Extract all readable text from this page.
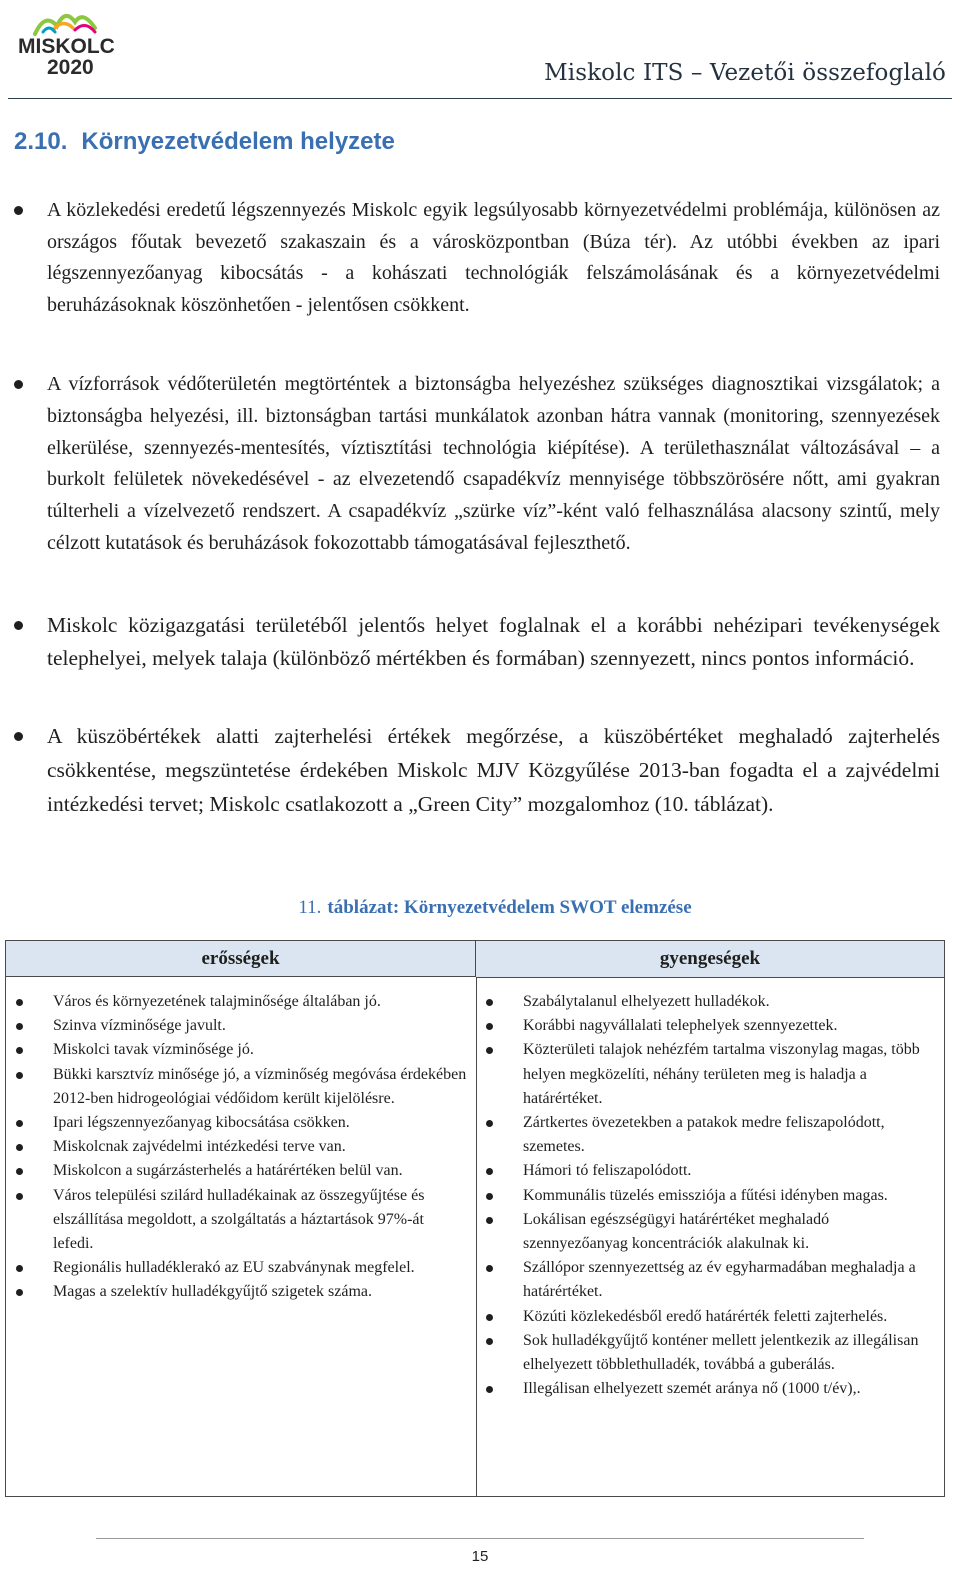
MISKOLC
2020	Miskolc ITS – Vezetői összefoglaló
2.10. Környezetvédelem helyzete
A közlekedési eredetű légszennyezés Miskolc egyik legsúlyosabb környezetvédelmi problémája, különösen az országos főutak bevezető szakaszain és a városközpontban (Búza tér). Az utóbbi években az ipari légszennyezőanyag kibocsátás - a kohászati technológiák felszámolásának és a környezetvédelmi beruházásoknak köszönhetően - jelentősen csökkent.
A vízforrások védőterületén megtörténtek a biztonságba helyezéshez szükséges diagnosztikai vizsgálatok; a biztonságba helyezési, ill. biztonságban tartási munkálatok azonban hátra vannak (monitoring, szennyezések elkerülése, szennyezés-mentesítés, víztisztítási technológia kiépítése). A területhasználat változásával – a burkolt felületek növekedésével - az elvezetendő csapadékvíz mennyisége többszörösére nőtt, ami gyakran túlterheli a vízelvezető rendszert. A csapadékvíz „szürke víz”-ként való felhasználása alacsony szintű, mely célzott kutatások és beruházások fokozottabb támogatásával fejleszthető.
Miskolc közigazgatási területéből jelentős helyet foglalnak el a korábbi nehézipari tevékenységek telephelyei, melyek talaja (különböző mértékben és formában) szennyezett, nincs pontos információ.
A küszöbértékek alatti zajterhelési értékek megőrzése, a küszöbértéket meghaladó zajterhelés csökkentése, megszüntetése érdekében Miskolc MJV Közgyűlése 2013-ban fogadta el a zajvédelmi intézkedési tervet; Miskolc csatlakozott a „Green City” mozgalomhoz (10. táblázat).
11. táblázat: Környezetvédelem SWOT elemzése
erősségek	gyengeségek
Város és környezetének talajminősége általában jó.
Szinva vízminősége javult.
Miskolci tavak vízminősége jó.
Bükki karsztvíz minősége jó, a vízminőség megóvása érdekében 2012-ben hidrogeológiai védőidom került kijelölésre.
Ipari légszennyezőanyag kibocsátása csökken.
Miskolcnak zajvédelmi intézkedési terve van.
Miskolcon a sugárzásterhelés a határértéken belül van.
Város települési szilárd hulladékainak az összegyűjtése és elszállítása megoldott, a szolgáltatás a háztartások 97%-át lefedi.
Regionális hulladéklerakó az EU szabványnak megfelel.
Magas a szelektív hulladékgyűjtő szigetek száma.
Szabálytalanul elhelyezett hulladékok.
Korábbi nagyvállalati telephelyek szennyezettek.
Közterületi talajok nehézfém tartalma viszonylag magas, több helyen megközelíti, néhány területen meg is haladja a határértéket.
Zártkertes övezetekben a patakok medre feliszapolódott, szemetes.
Hámori tó feliszapolódott.
Kommunális tüzelés emissziója a fűtési idényben magas.
Lokálisan egészségügyi határértéket meghaladó szennyezőanyag koncentrációk alakulnak ki.
Szállópor szennyezettség az év egyharmadában meghaladja a határértéket.
Közúti közlekedésből eredő határérték feletti zajterhelés.
Sok hulladékgyűjtő konténer mellett jelentkezik az illegálisan elhelyezett többlethulladék, továbbá a guberálás.
Illegálisan elhelyezett szemét aránya nő (1000 t/év),.
15
